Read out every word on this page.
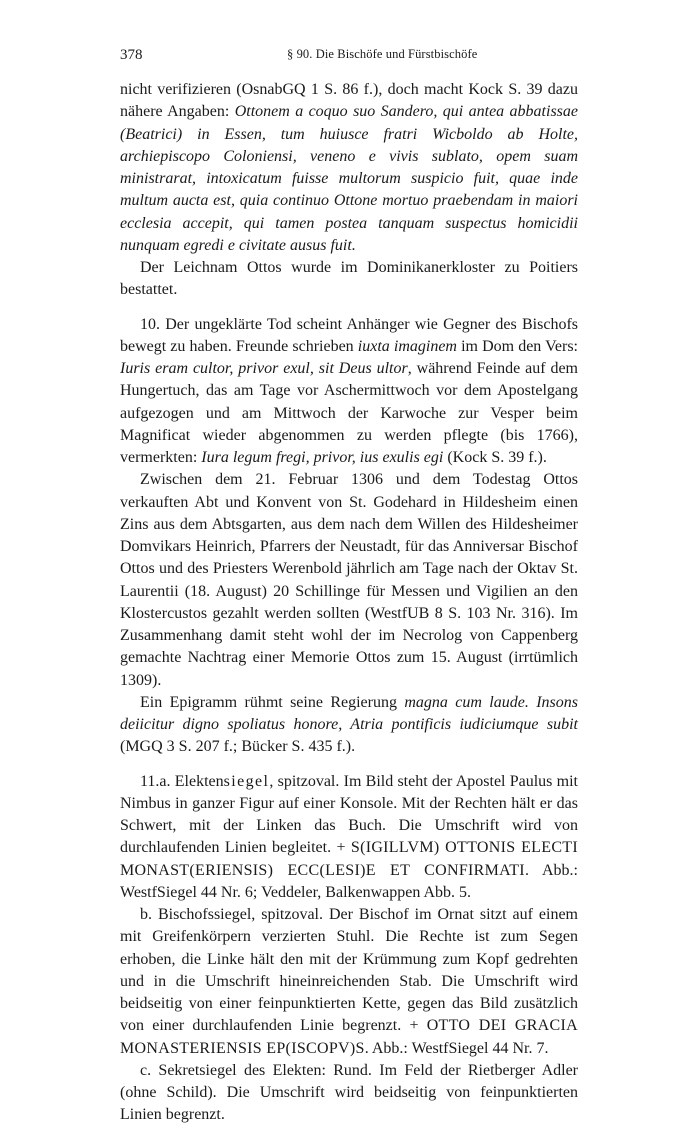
378	§ 90. Die Bischöfe und Fürstbischöfe

nicht verifizieren (OsnabGQ 1 S. 86 f.), doch macht Kock S. 39 dazu nähere Angaben: Ottonem a coquo suo Sandero, qui antea abbatissae (Beatrici) in Essen, tum huiusce fratri Wicboldo ab Holte, archiepiscopo Coloniensi, veneno e vivis sublato, opem suam ministrarat, intoxicatum fuisse multorum suspicio fuit, quae inde multum aucta est, quia continuo Ottone mortuo praebendam in maiori ecclesia accepit, qui tamen postea tanquam suspectus homicidii nunquam egredi e civitate ausus fuit.

Der Leichnam Ottos wurde im Dominikanerkloster zu Poitiers bestattet.

10. Der ungeklärte Tod scheint Anhänger wie Gegner des Bischofs bewegt zu haben. Freunde schrieben iuxta imaginem im Dom den Vers: Iuris eram cultor, privor exul, sit Deus ultor, während Feinde auf dem Hungertuch, das am Tage vor Aschermittwoch vor dem Apostelgang aufgezogen und am Mittwoch der Karwoche zur Vesper beim Magnificat wieder abgenommen zu werden pflegte (bis 1766), vermerkten: Iura legum fregi, privor, ius exulis egi (Kock S. 39 f.).

Zwischen dem 21. Februar 1306 und dem Todestag Ottos verkauften Abt und Konvent von St. Godehard in Hildesheim einen Zins aus dem Abtsgarten, aus dem nach dem Willen des Hildesheimer Domvikars Heinrich, Pfarrers der Neustadt, für das Anniversar Bischof Ottos und des Priesters Werenbold jährlich am Tage nach der Oktav St. Laurentii (18. August) 20 Schillinge für Messen und Vigilien an den Klostercustos gezahlt werden sollten (WestfUB 8 S. 103 Nr. 316). Im Zusammenhang damit steht wohl der im Necrolog von Cappenberg gemachte Nachtrag einer Memorie Ottos zum 15. August (irrtümlich 1309).

Ein Epigramm rühmt seine Regierung magna cum laude. Insons deiicitur digno spoliatus honore, Atria pontificis iudiciumque subit (MGQ 3 S. 207 f.; Bücker S. 435 f.).

11.a. Elektensiegel, spitzoval. Im Bild steht der Apostel Paulus mit Nimbus in ganzer Figur auf einer Konsole. Mit der Rechten hält er das Schwert, mit der Linken das Buch. Die Umschrift wird von durchlaufenden Linien begleitet. + S(IGILLVM) OTTONIS ELECTI MONAST(ERIENSIS) ECC(LESI)E ET CONFIRMATI. Abb.: WestfSiegel 44 Nr. 6; Veddeler, Balkenwappen Abb. 5.

b. Bischofssiegel, spitzoval. Der Bischof im Ornat sitzt auf einem mit Greifenkörpern verzierten Stuhl. Die Rechte ist zum Segen erhoben, die Linke hält den mit der Krümmung zum Kopf gedrehten und in die Umschrift hineinreichenden Stab. Die Umschrift wird beidseitig von einer feinpunktierten Kette, gegen das Bild zusätzlich von einer durchlaufenden Linie begrenzt. + OTTO DEI GRACIA MONASTERIENSIS EP(ISCOPV)S. Abb.: WestfSiegel 44 Nr. 7.

c. Sekretsiegel des Elekten: Rund. Im Feld der Rietberger Adler (ohne Schild). Die Umschrift wird beidseitig von feinpunktierten Linien begrenzt.
